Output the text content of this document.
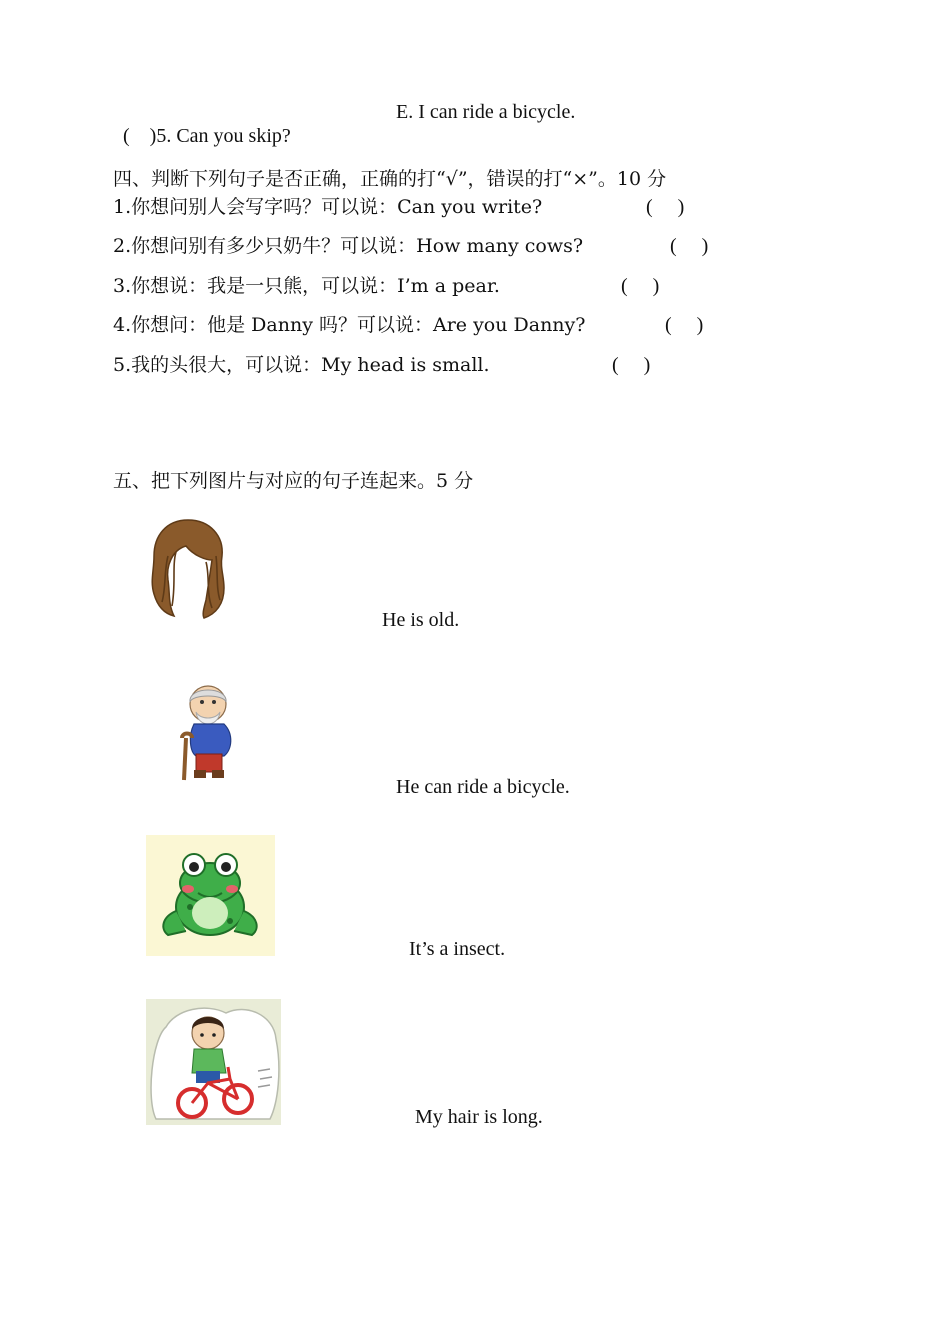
(    )5. Can you skip?

E. I can ride a bicycle.
四、判断下列句子是否正确，正确的打“√”，错误的打“×”。10 分
1.你想问别人会写字吗？可以说：Can you write?	(     )
2.你想问别有多少只奶牛？可以说：How many cows?	(     )
3.你想说：我是一只熊，可以说：I’m a pear.	(     )
4.你想问：他是 Danny 吗？可以说：Are you Danny?	(     )
5.我的头很大，可以说：My head is small.	(     )
五、把下列图片与对应的句子连起来。5 分
He is old.
He can ride a bicycle.
It’s a insect.
My hair is long.
